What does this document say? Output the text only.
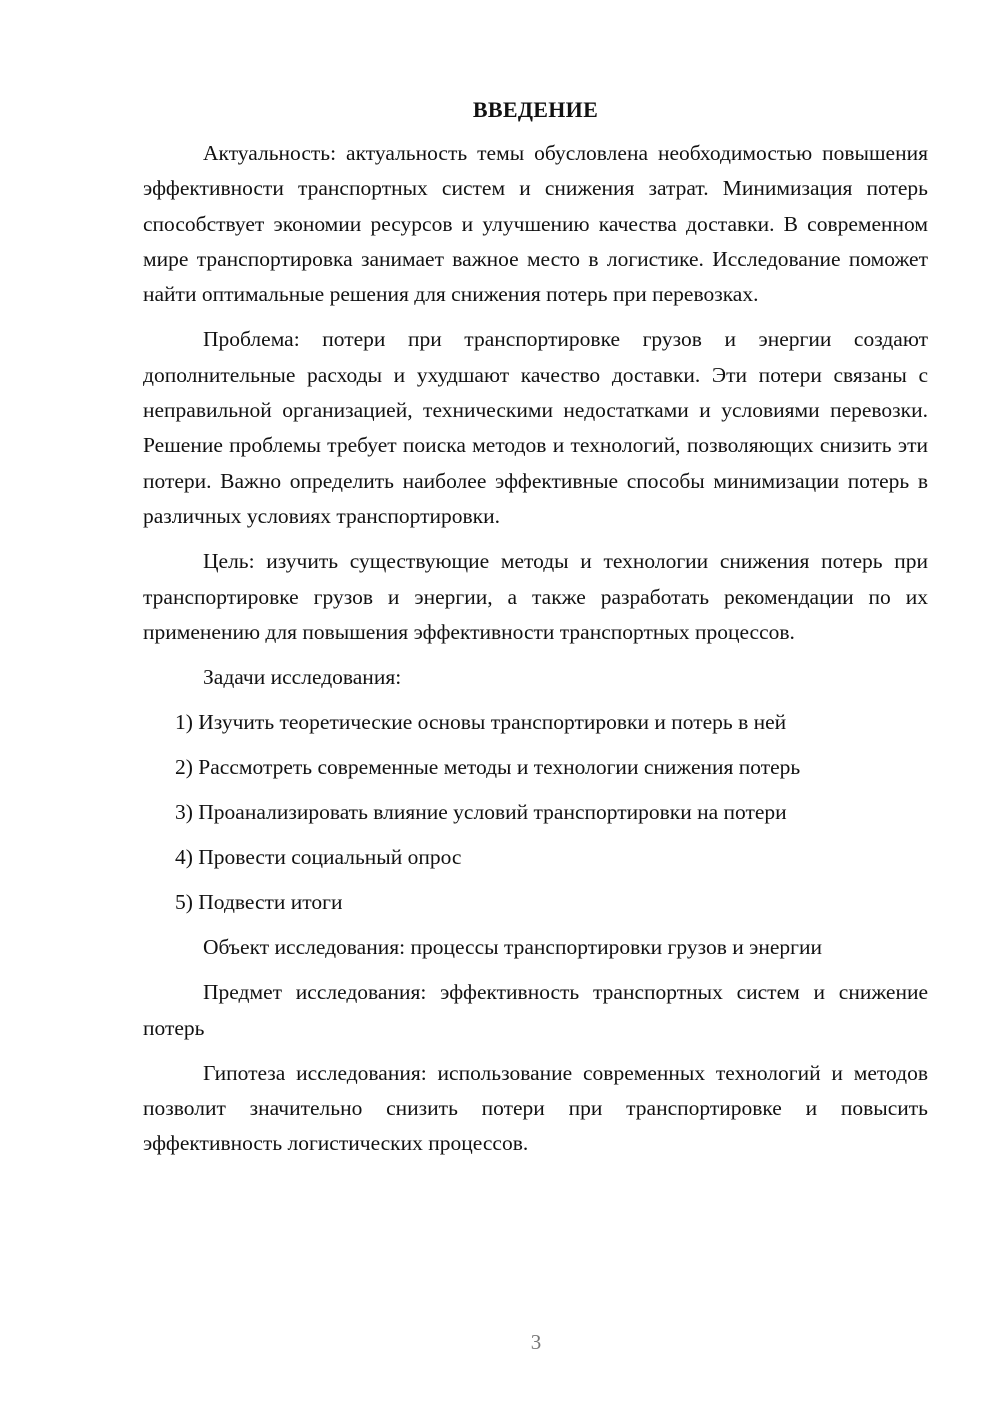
ВВЕДЕНИЕ

Актуальность: актуальность темы обусловлена необходимостью повышения эффективности транспортных систем и снижения затрат. Минимизация потерь способствует экономии ресурсов и улучшению качества доставки. В современном мире транспортировка занимает важное место в логистике. Исследование поможет найти оптимальные решения для снижения потерь при перевозках.

Проблема: потери при транспортировке грузов и энергии создают дополнительные расходы и ухудшают качество доставки. Эти потери связаны с неправильной организацией, техническими недостатками и условиями перевозки. Решение проблемы требует поиска методов и технологий, позволяющих снизить эти потери. Важно определить наиболее эффективные способы минимизации потерь в различных условиях транспортировки.

Цель: изучить существующие методы и технологии снижения потерь при транспортировке грузов и энергии, а также разработать рекомендации по их применению для повышения эффективности транспортных процессов.

Задачи исследования:

1) Изучить теоретические основы транспортировки и потерь в ней
2) Рассмотреть современные методы и технологии снижения потерь
3) Проанализировать влияние условий транспортировки на потери
4) Провести социальный опрос
5) Подвести итоги

Объект исследования: процессы транспортировки грузов и энергии

Предмет исследования: эффективность транспортных систем и снижение потерь

Гипотеза исследования: использование современных технологий и методов позволит значительно снизить потери при транспортировке и повысить эффективность логистических процессов.

3
